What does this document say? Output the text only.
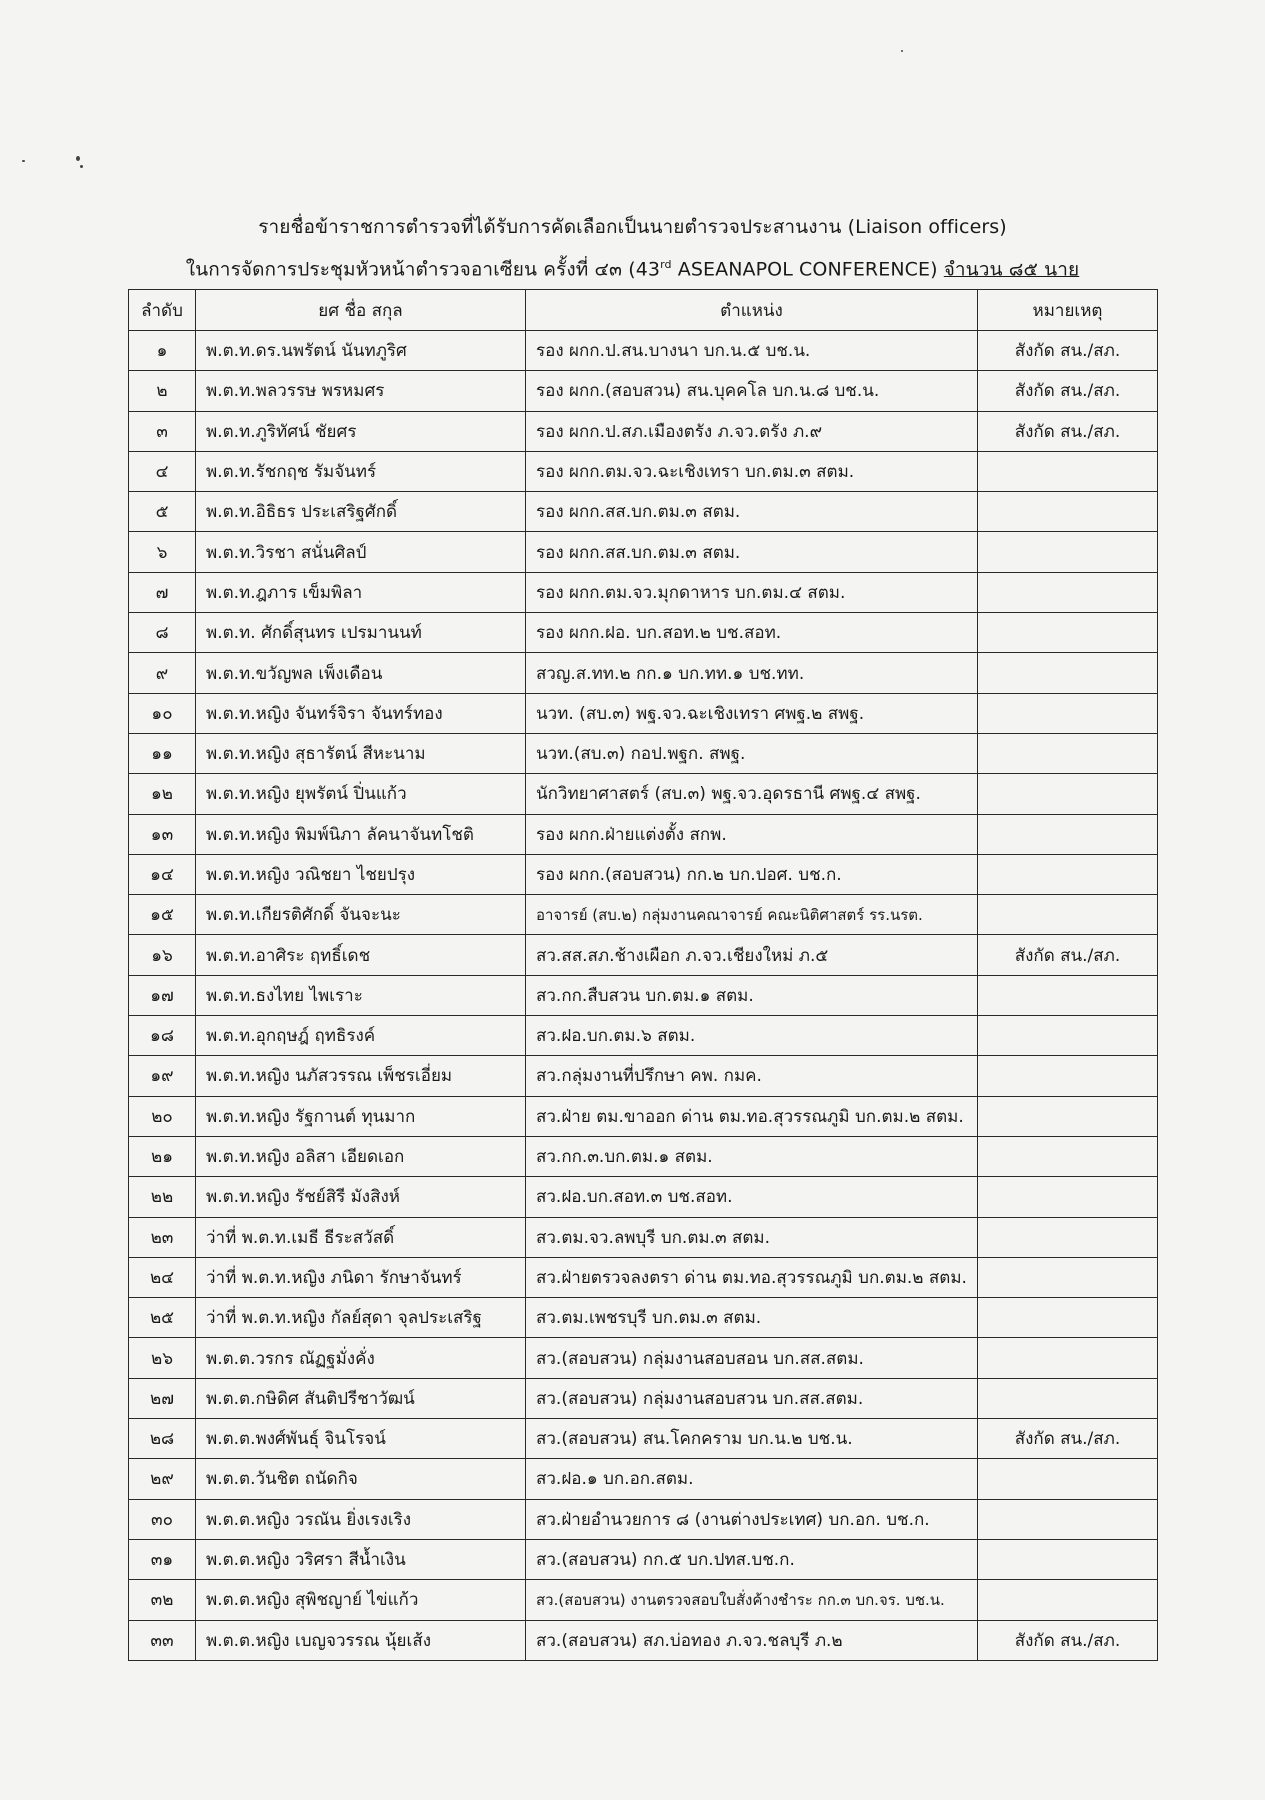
รายชื่อข้าราชการตำรวจที่ได้รับการคัดเลือกเป็นนายตำรวจประสานงาน (Liaison officers)
ในการจัดการประชุมหัวหน้าตำรวจอาเซียน ครั้งที่ ๔๓ (43rd ASEANAPOL CONFERENCE) จำนวน ๘๕ นาย
ลำดับ	ยศ ชื่อ สกุล	ตำแหน่ง	หมายเหตุ
๑	พ.ต.ท.ดร.นพรัตน์ นันทภูริศ	รอง ผกก.ป.สน.บางนา บก.น.๕ บช.น.	สังกัด สน./สภ.
๒	พ.ต.ท.พลวรรษ พรหมศร	รอง ผกก.(สอบสวน) สน.บุคคโล บก.น.๘ บช.น.	สังกัด สน./สภ.
๓	พ.ต.ท.ภูริทัศน์ ชัยศร	รอง ผกก.ป.สภ.เมืองตรัง ภ.จว.ตรัง ภ.๙	สังกัด สน./สภ.
๔	พ.ต.ท.รัชกฤช รัมจันทร์	รอง ผกก.ตม.จว.ฉะเชิงเทรา บก.ตม.๓ สตม.	
๕	พ.ต.ท.อิธิธร ประเสริฐศักดิ์	รอง ผกก.สส.บก.ตม.๓ สตม.	
๖	พ.ต.ท.วิรชา สนั่นศิลป์	รอง ผกก.สส.บก.ตม.๓ สตม.	
๗	พ.ต.ท.ฎภาร เข็มพิลา	รอง ผกก.ตม.จว.มุกดาหาร บก.ตม.๔ สตม.	
๘	พ.ต.ท. ศักดิ์สุนทร เปรมานนท์	รอง ผกก.ฝอ. บก.สอท.๒ บช.สอท.	
๙	พ.ต.ท.ขวัญพล เพ็งเดือน	สวญ.ส.ทท.๒ กก.๑ บก.ทท.๑ บช.ทท.	
๑๐	พ.ต.ท.หญิง จันทร์จิรา จันทร์ทอง	นวท. (สบ.๓) พฐ.จว.ฉะเชิงเทรา ศพฐ.๒ สพฐ.	
๑๑	พ.ต.ท.หญิง สุธารัตน์ สีหะนาม	นวท.(สบ.๓) กอป.พฐก. สพฐ.	
๑๒	พ.ต.ท.หญิง ยุพรัตน์ ปิ่นแก้ว	นักวิทยาศาสตร์ (สบ.๓) พฐ.จว.อุดรธานี ศพฐ.๔ สพฐ.	
๑๓	พ.ต.ท.หญิง พิมพ์นิภา ลัคนาจันทโชติ	รอง ผกก.ฝ่ายแต่งตั้ง สกพ.	
๑๔	พ.ต.ท.หญิง วณิชยา ไชยปรุง	รอง ผกก.(สอบสวน) กก.๒ บก.ปอศ. บช.ก.	
๑๕	พ.ต.ท.เกียรติศักดิ์ จันจะนะ	อาจารย์ (สบ.๒) กลุ่มงานคณาจารย์ คณะนิติศาสตร์ รร.นรต.	
๑๖	พ.ต.ท.อาศิระ ฤทธิ์เดช	สว.สส.สภ.ช้างเผือก ภ.จว.เชียงใหม่ ภ.๕	สังกัด สน./สภ.
๑๗	พ.ต.ท.ธงไทย ไพเราะ	สว.กก.สืบสวน บก.ตม.๑ สตม.	
๑๘	พ.ต.ท.อุกฤษฎ์ ฤทธิรงค์	สว.ฝอ.บก.ตม.๖ สตม.	
๑๙	พ.ต.ท.หญิง นภัสวรรณ เพ็ชรเอี่ยม	สว.กลุ่มงานที่ปรึกษา คพ. กมค.	
๒๐	พ.ต.ท.หญิง รัฐกานต์ ทุนมาก	สว.ฝ่าย ตม.ขาออก ด่าน ตม.ทอ.สุวรรณภูมิ บก.ตม.๒ สตม.	
๒๑	พ.ต.ท.หญิง อลิสา เอียดเอก	สว.กก.๓.บก.ตม.๑ สตม.	
๒๒	พ.ต.ท.หญิง รัชย์สิรี มังสิงห์	สว.ฝอ.บก.สอท.๓ บช.สอท.	
๒๓	ว่าที่ พ.ต.ท.เมธี ธีระสวัสดิ์	สว.ตม.จว.ลพบุรี บก.ตม.๓ สตม.	
๒๔	ว่าที่ พ.ต.ท.หญิง ภนิดา รักษาจันทร์	สว.ฝ่ายตรวจลงตรา ด่าน ตม.ทอ.สุวรรณภูมิ บก.ตม.๒ สตม.	
๒๕	ว่าที่ พ.ต.ท.หญิง กัลย์สุดา จุลประเสริฐ	สว.ตม.เพชรบุรี บก.ตม.๓ สตม.	
๒๖	พ.ต.ต.วรกร ณัฏฐมั่งคั่ง	สว.(สอบสวน) กลุ่มงานสอบสอน บก.สส.สตม.	
๒๗	พ.ต.ต.กษิดิศ สันติปรีชาวัฒน์	สว.(สอบสวน) กลุ่มงานสอบสวน บก.สส.สตม.	
๒๘	พ.ต.ต.พงศ์พันธุ์ จินโรจน์	สว.(สอบสวน) สน.โคกคราม บก.น.๒ บช.น.	สังกัด สน./สภ.
๒๙	พ.ต.ต.วันชิต ถนัดกิจ	สว.ฝอ.๑ บก.อก.สตม.	
๓๐	พ.ต.ต.หญิง วรณัน ยิ่งเรงเริง	สว.ฝ่ายอำนวยการ ๘ (งานต่างประเทศ) บก.อก. บช.ก.	
๓๑	พ.ต.ต.หญิง วริศรา สีน้ำเงิน	สว.(สอบสวน) กก.๕ บก.ปทส.บช.ก.	
๓๒	พ.ต.ต.หญิง สุพิชญาย์ ไข่แก้ว	สว.(สอบสวน) งานตรวจสอบใบสั่งค้างชำระ กก.๓ บก.จร. บช.น.	
๓๓	พ.ต.ต.หญิง เบญจวรรณ นุ้ยเส้ง	สว.(สอบสวน) สภ.บ่อทอง ภ.จว.ชลบุรี ภ.๒	สังกัด สน./สภ.
